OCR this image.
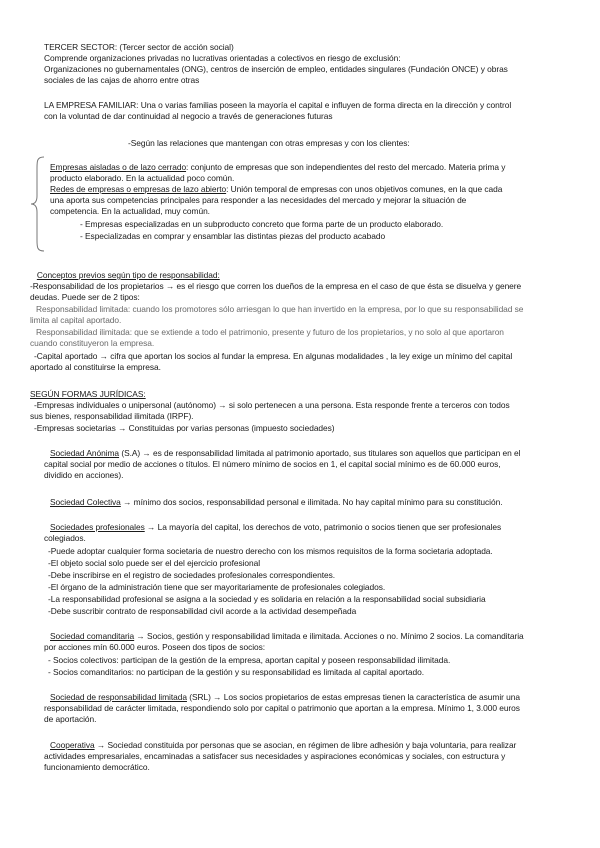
TERCER SECTOR: (Tercer sector de acción social)
Comprende organizaciones privadas no lucrativas orientadas a colectivos en riesgo de exclusión:
Organizaciones no gubernamentales (ONG), centros de inserción de empleo, entidades singulares (Fundación ONCE) y obras
sociales de las cajas de ahorro entre otras
LA EMPRESA FAMILIAR: Una o varias familias poseen la mayoría el capital e influyen de forma directa en la dirección y control
con la voluntad de dar continuidad al negocio a través de generaciones futuras
-Según las relaciones que mantengan con otras empresas y con los clientes:
Empresas aisladas o de lazo cerrado: conjunto de empresas que son independientes del resto del mercado. Materia prima y
producto elaborado. En la actualidad poco común.
Redes de empresas o empresas de lazo abierto: Unión temporal de empresas con unos objetivos comunes, en la que cada
una aporta sus competencias principales para responder a las necesidades del mercado y mejorar la situación de
competencia. En la actualidad, muy común.
- Empresas especializadas en un subproducto concreto que forma parte de un producto elaborado.
- Especializadas en comprar y ensamblar las distintas piezas del producto acabado
Conceptos previos según tipo de responsabilidad:
-Responsabilidad de los propietarios → es el riesgo que corren los dueños de la empresa en el caso de que ésta se disuelva y genere
deudas. Puede ser de 2 tipos:
Responsabilidad limitada: cuando los promotores sólo arriesgan lo que han invertido en la empresa, por lo que su responsabilidad se
limita al capital aportado.
Responsabilidad ilimitada: que se extiende a todo el patrimonio, presente y futuro de los propietarios, y no solo al que aportaron
cuando constituyeron la empresa.
-Capital aportado → cifra que aportan los socios al fundar la empresa. En algunas modalidades , la ley exige un mínimo del capital
aportado al constituirse la empresa.
SEGÚN FORMAS JURÍDICAS:
-Empresas individuales o unipersonal (autónomo) → si solo pertenecen a una persona. Esta responde frente a terceros con todos
sus bienes, responsabilidad ilimitada (IRPF).
-Empresas societarias → Constituidas por varias personas (impuesto sociedades)
Sociedad Anónima (S.A) → es de responsabilidad limitada al patrimonio aportado, sus titulares son aquellos que participan en el
capital social por medio de acciones o títulos. El número mínimo de socios en 1, el capital social mínimo es de 60.000 euros,
dividido en acciones).
Sociedad Colectiva → mínimo dos socios, responsabilidad personal e ilimitada. No hay capital mínimo para su constitución.
Sociedades profesionales → La mayoría del capital, los derechos de voto, patrimonio o socios tienen que ser profesionales
colegiados.
-Puede adoptar cualquier forma societaria de nuestro derecho con los mismos requisitos de la forma societaria adoptada.
-El objeto social solo puede ser el del ejercicio profesional
-Debe inscribirse en el registro de sociedades profesionales correspondientes.
-El órgano de la administración tiene que ser mayoritariamente de profesionales colegiados.
-La responsabilidad profesional se asigna a la sociedad y es solidaria en relación a la responsabilidad social subsidiaria
-Debe suscribir contrato de responsabilidad civil acorde a la actividad desempeñada
Sociedad comanditaria → Socios, gestión y responsabilidad limitada e ilimitada. Acciones o no. Mínimo 2 socios. La comanditaria
por acciones mín 60.000 euros. Poseen dos tipos de socios:
- Socios colectivos: participan de la gestión de la empresa, aportan capital y poseen responsabilidad ilimitada.
- Socios comanditarios: no participan de la gestión y su responsabilidad es limitada al capital aportado.
Sociedad de responsabilidad limitada (SRL) → Los socios propietarios de estas empresas tienen la característica de asumir una
responsabilidad de carácter limitada, respondiendo solo por capital o patrimonio que aportan a la empresa. Mínimo 1, 3.000 euros
de aportación.
Cooperativa → Sociedad constituida por personas que se asocian, en régimen de libre adhesión y baja voluntaria, para realizar
actividades empresariales, encaminadas a satisfacer sus necesidades y aspiraciones económicas y sociales, con estructura y
funcionamiento democrático.
